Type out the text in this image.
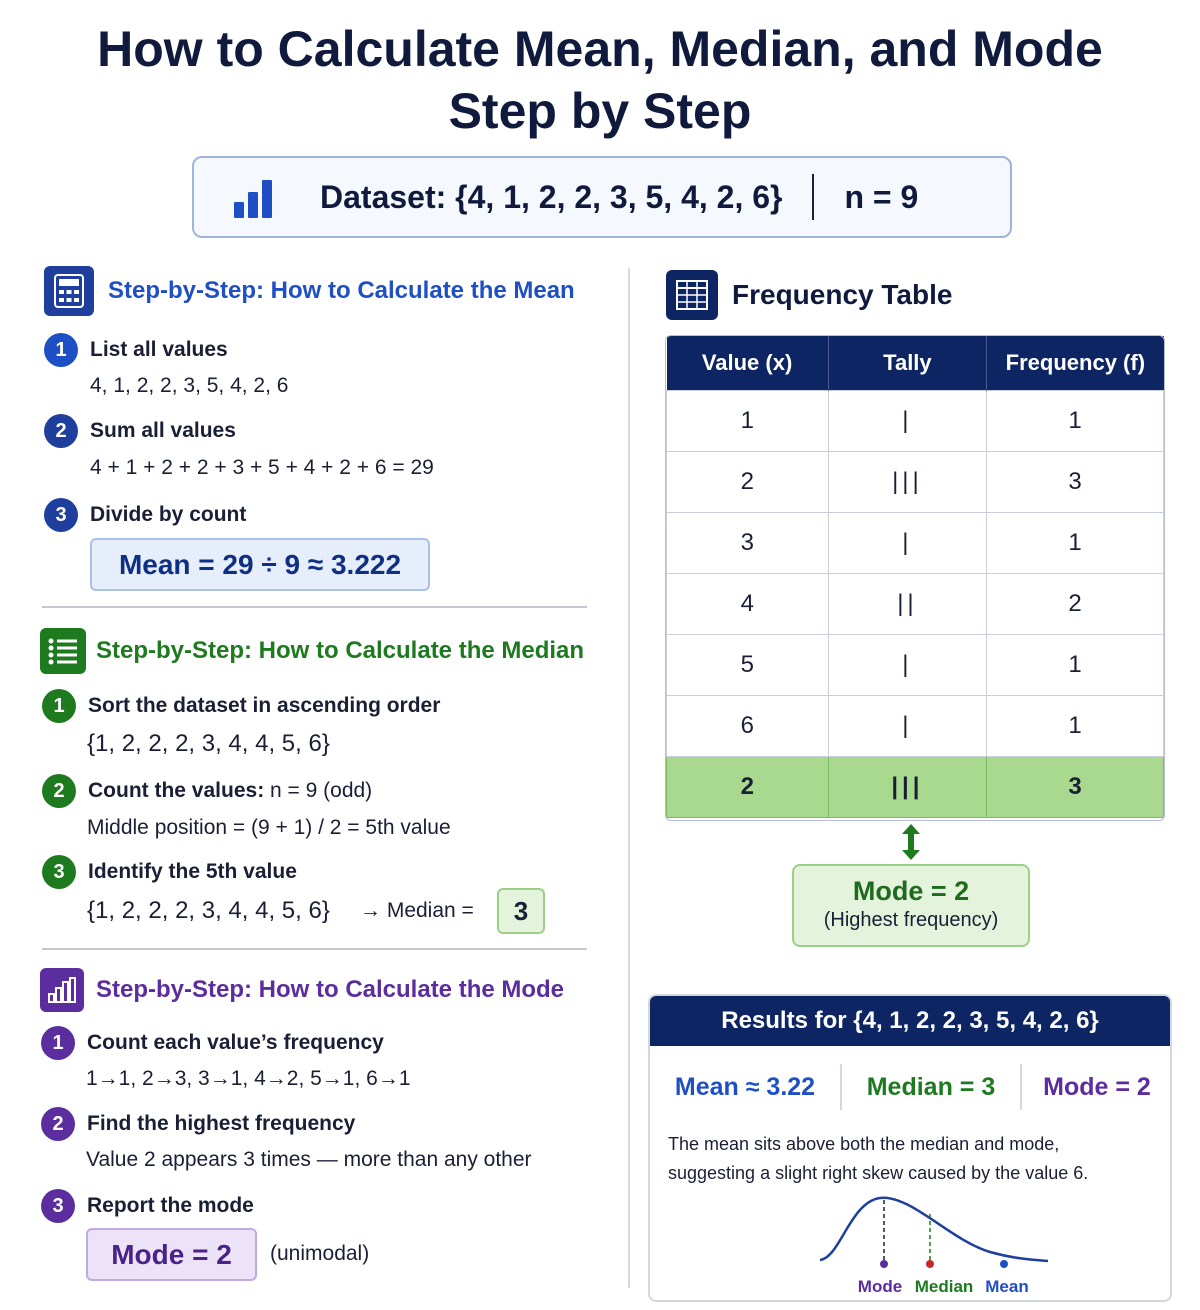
How to Calculate Mean, Median, and Mode
Step by Step
Dataset: {4, 1, 2, 2, 3, 5, 4, 2, 6} n = 9
Step-by-Step: How to Calculate the Mean
1	List all values
4, 1, 2, 2, 3, 5, 4, 2, 6
2	Sum all values
4 + 1 + 2 + 2 + 3 + 5 + 4 + 2 + 6 = 29
3	Divide by count
Mean = 29 ÷ 9 ≈ 3.222
Step-by-Step: How to Calculate the Median
1	Sort the dataset in ascending order
{1, 2, 2, 2, 3, 4, 4, 5, 6}
2	Count the values: n = 9 (odd)
Middle position = (9 + 1) / 2 = 5th value
3	Identify the 5th value
{1, 2, 2, 2, 3, 4, 4, 5, 6} → Median =	3
Step-by-Step: How to Calculate the Mode
1	Count each value’s frequency
1→1, 2→3, 3→1, 4→2, 5→1, 6→1
2	Find the highest frequency
Value 2 appears 3 times — more than any other
3	Report the mode
Mode = 2	(unimodal)
Frequency Table
Value (x)	Tally	Frequency (f)
1	|	1
2	|||	3
3	|	1
4	||	2
5	|	1
6	|	1
2	|||	3
Mode = 2
(Highest frequency)
Results for {4, 1, 2, 2, 3, 5, 4, 2, 6}
Mean ≈ 3.22	Median = 3	Mode = 2
The mean sits above both the median and mode,
suggesting a slight right skew caused by the value 6.
Mode Median Mean
